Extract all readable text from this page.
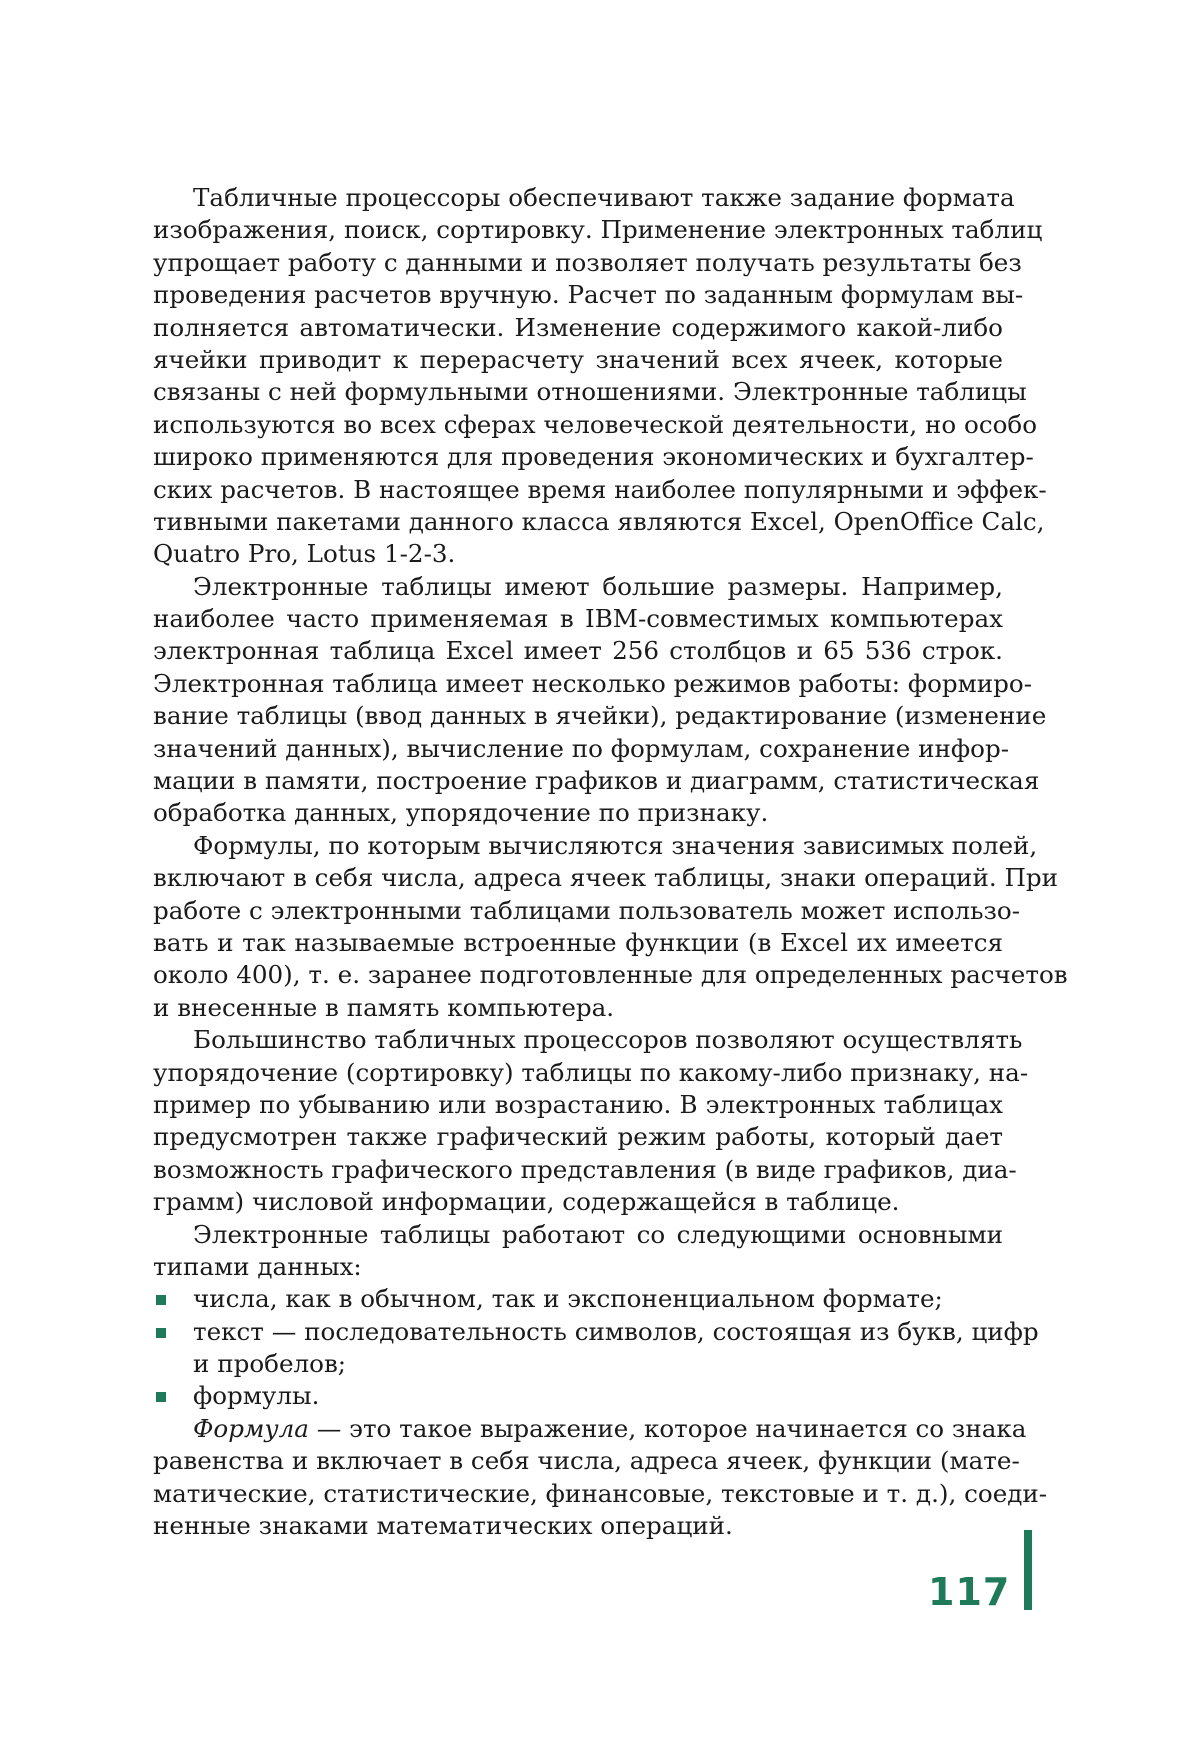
Табличные процессоры обеспечивают также задание формата
изображения, поиск, сортировку. Применение электронных таблиц
упрощает работу с данными и позволяет получать результаты без
проведения расчетов вручную. Расчет по заданным формулам вы-
полняется автоматически. Изменение содержимого какой-либо
ячейки приводит к перерасчету значений всех ячеек, которые
связаны с ней формульными отношениями. Электронные таблицы
используются во всех сферах человеческой деятельности, но особо
широко применяются для проведения экономических и бухгалтер-
ских расчетов. В настоящее время наиболее популярными и эффек-
тивными пакетами данного класса являются Excel, OpenOffice Calc,
Quatro Pro, Lotus 1-2-3.
Электронные таблицы имеют большие размеры. Например,
наиболее часто применяемая в IBM-совместимых компьютерах
электронная таблица Excel имеет 256 столбцов и 65 536 строк.
Электронная таблица имеет несколько режимов работы: формиро-
вание таблицы (ввод данных в ячейки), редактирование (изменение
значений данных), вычисление по формулам, сохранение инфор-
мации в памяти, построение графиков и диаграмм, статистическая
обработка данных, упорядочение по признаку.
Формулы, по которым вычисляются значения зависимых полей,
включают в себя числа, адреса ячеек таблицы, знаки операций. При
работе с электронными таблицами пользователь может использо-
вать и так называемые встроенные функции (в Excel их имеется
около 400), т. е. заранее подготовленные для определенных расчетов
и внесенные в память компьютера.
Большинство табличных процессоров позволяют осуществлять
упорядочение (сортировку) таблицы по какому-либо признаку, на-
пример по убыванию или возрастанию. В электронных таблицах
предусмотрен также графический режим работы, который дает
возможность графического представления (в виде графиков, диа-
грамм) числовой информации, содержащейся в таблице.
Электронные таблицы работают со следующими основными
типами данных:
числа, как в обычном, так и экспоненциальном формате;
текст — последовательность символов, состоящая из букв, цифр
и пробелов;
формулы.
Формула — это такое выражение, которое начинается со знака
равенства и включает в себя числа, адреса ячеек, функции (мате-
матические, статистические, финансовые, текстовые и т. д.), соеди-
ненные знаками математических операций.
117
